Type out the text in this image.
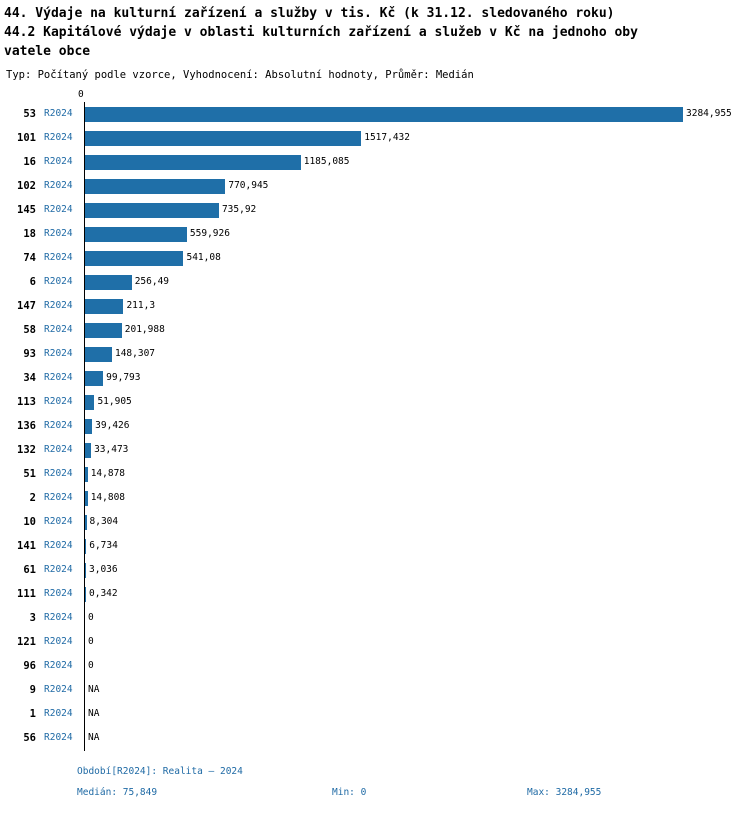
44. Výdaje na kulturní zařízení a služby v tis. Kč (k 31.12. sledovaného roku)
44.2 Kapitálové výdaje v oblasti kulturních zařízení a služeb v Kč na jednoho oby
vatele obce
Typ: Počítaný podle vzorce, Vyhodnocení: Absolutní hodnoty, Průměr: Medián
0
53 R2024	3284,955
101 R2024	1517,432
16 R2024	1185,085
102 R2024	770,945
145 R2024	735,92
18 R2024	559,926
74 R2024	541,08
6 R2024	256,49
147 R2024	211,3
58 R2024	201,988
93 R2024	148,307
34 R2024	99,793
113 R2024	51,905
136 R2024 39,426
132 R2024 33,473
51 R2024 14,878
2 R2024 14,808
10 R2024 8,304
141 R2024 6,734
61 R2024 3,036
111 R2024 0,342
3 R2024 0
121 R2024 0
96 R2024 0
9 R2024 NA
1 R2024 NA
56 R2024 NA
Období[R2024]: Realita – 2024
Medián: 75,849	Min: 0	Max: 3284,955
